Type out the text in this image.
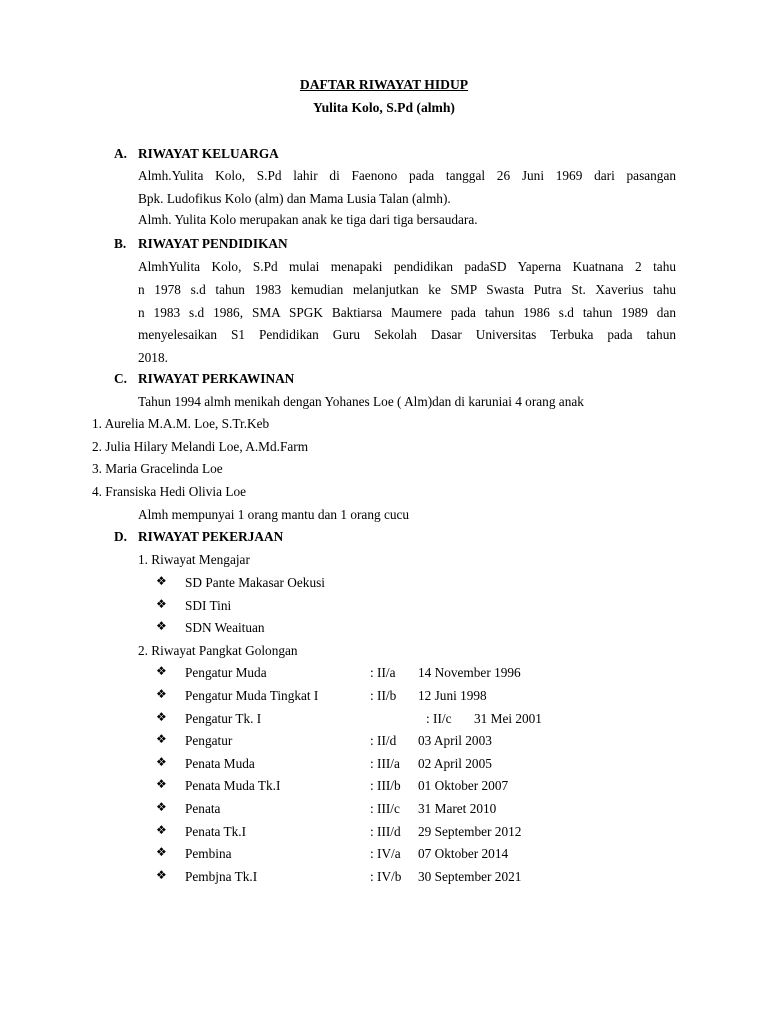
DAFTAR RIWAYAT HIDUP
Yulita Kolo, S.Pd (almh)
A. RIWAYAT KELUARGA
Almh.Yulita Kolo, S.Pd lahir di Faenono pada tanggal 26 Juni 1969 dari pasangan
Bpk. Ludofikus Kolo (alm) dan Mama Lusia Talan (almh).
Almh. Yulita Kolo merupakan anak ke tiga dari tiga bersaudara.
B. RIWAYAT PENDIDIKAN
AlmhYulita Kolo, S.Pd mulai menapaki pendidikan padaSD Yaperna Kuatnana 2 tahu
n 1978 s.d tahun 1983 kemudian melanjutkan ke SMP Swasta Putra St. Xaverius tahu
n 1983 s.d 1986, SMA SPGK Baktiarsa Maumere pada tahun 1986 s.d tahun 1989 dan
menyelesaikan S1 Pendidikan Guru Sekolah Dasar Universitas Terbuka pada tahun
2018.
C. RIWAYAT PERKAWINAN
Tahun 1994 almh menikah dengan Yohanes Loe ( Alm)dan di karuniai 4 orang anak
1. Aurelia M.A.M. Loe, S.Tr.Keb
2. Julia Hilary Melandi Loe, A.Md.Farm
3. Maria Gracelinda Loe
4. Fransiska Hedi Olivia Loe
Almh mempunyai 1 orang mantu dan 1 orang cucu
D. RIWAYAT PEKERJAAN
1. Riwayat Mengajar
❖ SD Pante Makasar Oekusi
❖ SDI Tini
❖ SDN Weaituan
2. Riwayat Pangkat Golongan
❖ Pengatur Muda	: II/a 14 November 1996
❖ Pengatur Muda Tingkat I	: II/b 12 Juni 1998
❖ Pengatur Tk. I	: II/c 31 Mei 2001
❖ Pengatur	: II/d 03 April 2003
❖ Penata Muda	: III/a 02 April 2005
❖ Penata Muda Tk.I	: III/b 01 Oktober 2007
❖ Penata	: III/c 31 Maret 2010
❖ Penata Tk.I	: III/d 29 September 2012
❖ Pembina	: IV/a 07 Oktober 2014
❖ Pembjna Tk.I	: IV/b 30 September 2021
